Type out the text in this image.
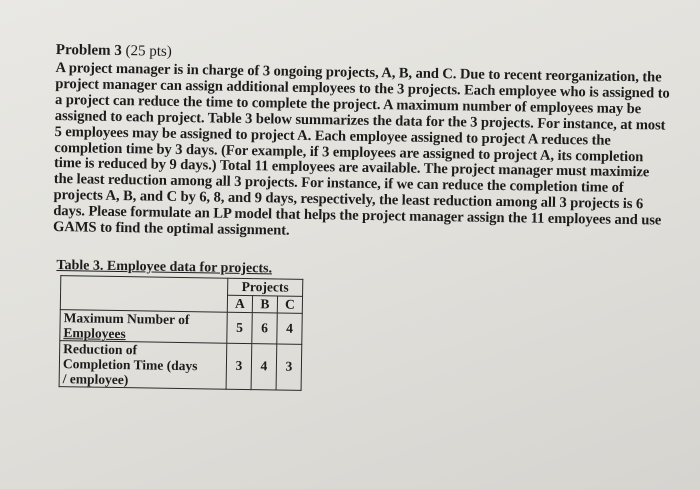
Problem 3 (25 pts)

A project manager is in charge of 3 ongoing projects, A, B, and C. Due to recent reorganization, the project manager can assign additional employees to the 3 projects. Each employee who is assigned to a project can reduce the time to complete the project. A maximum number of employees may be assigned to each project. Table 3 below summarizes the data for the 3 projects. For instance, at most 5 employees may be assigned to project A. Each employee assigned to project A reduces the completion time by 3 days. (For example, if 3 employees are assigned to project A, its completion time is reduced by 9 days.) Total 11 employees are available. The project manager must maximize the least reduction among all 3 projects. For instance, if we can reduce the completion time of projects A, B, and C by 6, 8, and 9 days, respectively, the least reduction among all 3 projects is 6 days. Please formulate an LP model that helps the project manager assign the 11 employees and use GAMS to find the optimal assignment.

Table 3. Employee data for projects.
	Projects		
	A	B	C
Maximum Number of
Employees	5	6	4
Reduction of
Completion Time (days
/ employee)	3	4	3
